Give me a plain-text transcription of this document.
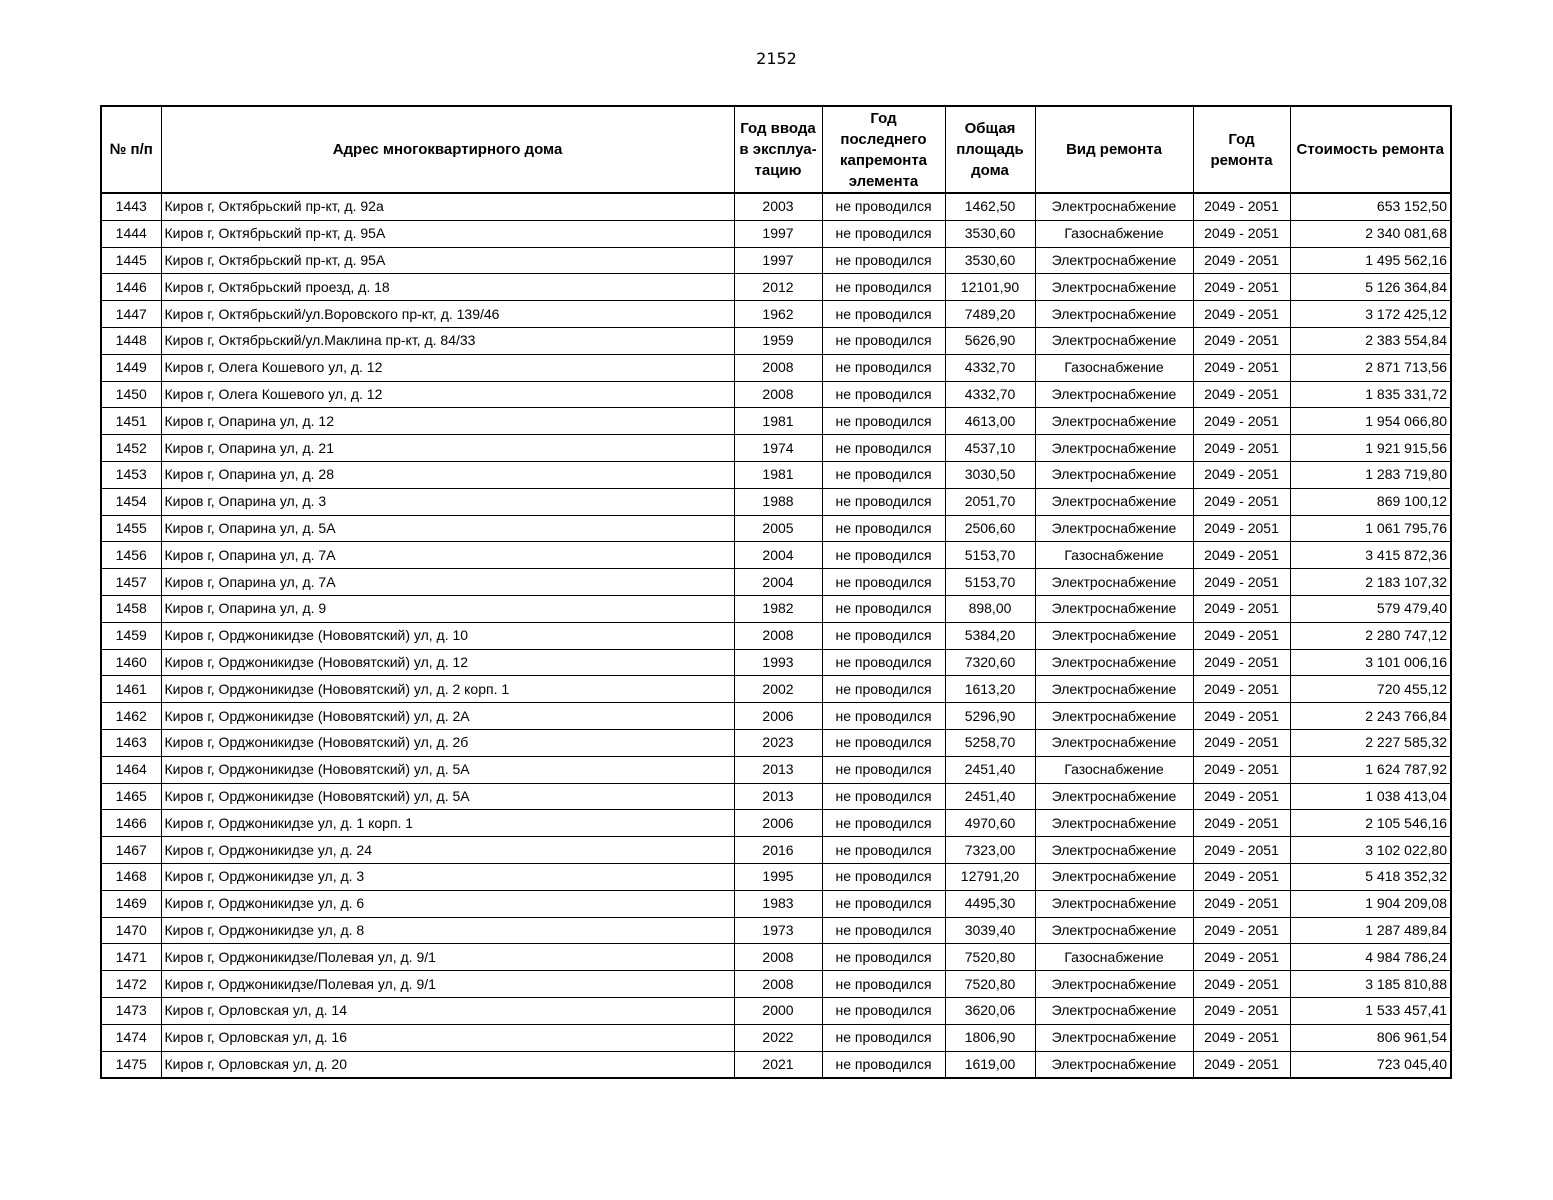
2152
№ п/п	Адрес многоквартирного дома	Год ввода в эксплуа-тацию	Год последнего капремонта элемента	Общая площадь дома	Вид ремонта	Год ремонта	Стоимость ремонта
1443	Киров г, Октябрьский пр-кт, д. 92а	2003	не проводился	1462,50	Электроснабжение	2049 - 2051	653 152,50
1444	Киров г, Октябрьский пр-кт, д. 95А	1997	не проводился	3530,60	Газоснабжение	2049 - 2051	2 340 081,68
1445	Киров г, Октябрьский пр-кт, д. 95А	1997	не проводился	3530,60	Электроснабжение	2049 - 2051	1 495 562,16
1446	Киров г, Октябрьский проезд, д. 18	2012	не проводился	12101,90	Электроснабжение	2049 - 2051	5 126 364,84
1447	Киров г, Октябрьский/ул.Воровского пр-кт, д. 139/46	1962	не проводился	7489,20	Электроснабжение	2049 - 2051	3 172 425,12
1448	Киров г, Октябрьский/ул.Маклина пр-кт, д. 84/33	1959	не проводился	5626,90	Электроснабжение	2049 - 2051	2 383 554,84
1449	Киров г, Олега Кошевого ул, д. 12	2008	не проводился	4332,70	Газоснабжение	2049 - 2051	2 871 713,56
1450	Киров г, Олега Кошевого ул, д. 12	2008	не проводился	4332,70	Электроснабжение	2049 - 2051	1 835 331,72
1451	Киров г, Опарина ул, д. 12	1981	не проводился	4613,00	Электроснабжение	2049 - 2051	1 954 066,80
1452	Киров г, Опарина ул, д. 21	1974	не проводился	4537,10	Электроснабжение	2049 - 2051	1 921 915,56
1453	Киров г, Опарина ул, д. 28	1981	не проводился	3030,50	Электроснабжение	2049 - 2051	1 283 719,80
1454	Киров г, Опарина ул, д. 3	1988	не проводился	2051,70	Электроснабжение	2049 - 2051	869 100,12
1455	Киров г, Опарина ул, д. 5А	2005	не проводился	2506,60	Электроснабжение	2049 - 2051	1 061 795,76
1456	Киров г, Опарина ул, д. 7А	2004	не проводился	5153,70	Газоснабжение	2049 - 2051	3 415 872,36
1457	Киров г, Опарина ул, д. 7А	2004	не проводился	5153,70	Электроснабжение	2049 - 2051	2 183 107,32
1458	Киров г, Опарина ул, д. 9	1982	не проводился	898,00	Электроснабжение	2049 - 2051	579 479,40
1459	Киров г, Орджоникидзе (Нововятский) ул, д. 10	2008	не проводился	5384,20	Электроснабжение	2049 - 2051	2 280 747,12
1460	Киров г, Орджоникидзе (Нововятский) ул, д. 12	1993	не проводился	7320,60	Электроснабжение	2049 - 2051	3 101 006,16
1461	Киров г, Орджоникидзе (Нововятский) ул, д. 2 корп. 1	2002	не проводился	1613,20	Электроснабжение	2049 - 2051	720 455,12
1462	Киров г, Орджоникидзе (Нововятский) ул, д. 2А	2006	не проводился	5296,90	Электроснабжение	2049 - 2051	2 243 766,84
1463	Киров г, Орджоникидзе (Нововятский) ул, д. 2б	2023	не проводился	5258,70	Электроснабжение	2049 - 2051	2 227 585,32
1464	Киров г, Орджоникидзе (Нововятский) ул, д. 5А	2013	не проводился	2451,40	Газоснабжение	2049 - 2051	1 624 787,92
1465	Киров г, Орджоникидзе (Нововятский) ул, д. 5А	2013	не проводился	2451,40	Электроснабжение	2049 - 2051	1 038 413,04
1466	Киров г, Орджоникидзе ул, д. 1 корп. 1	2006	не проводился	4970,60	Электроснабжение	2049 - 2051	2 105 546,16
1467	Киров г, Орджоникидзе ул, д. 24	2016	не проводился	7323,00	Электроснабжение	2049 - 2051	3 102 022,80
1468	Киров г, Орджоникидзе ул, д. 3	1995	не проводился	12791,20	Электроснабжение	2049 - 2051	5 418 352,32
1469	Киров г, Орджоникидзе ул, д. 6	1983	не проводился	4495,30	Электроснабжение	2049 - 2051	1 904 209,08
1470	Киров г, Орджоникидзе ул, д. 8	1973	не проводился	3039,40	Электроснабжение	2049 - 2051	1 287 489,84
1471	Киров г, Орджоникидзе/Полевая ул, д. 9/1	2008	не проводился	7520,80	Газоснабжение	2049 - 2051	4 984 786,24
1472	Киров г, Орджоникидзе/Полевая ул, д. 9/1	2008	не проводился	7520,80	Электроснабжение	2049 - 2051	3 185 810,88
1473	Киров г, Орловская ул, д. 14	2000	не проводился	3620,06	Электроснабжение	2049 - 2051	1 533 457,41
1474	Киров г, Орловская ул, д. 16	2022	не проводился	1806,90	Электроснабжение	2049 - 2051	806 961,54
1475	Киров г, Орловская ул, д. 20	2021	не проводился	1619,00	Электроснабжение	2049 - 2051	723 045,40
